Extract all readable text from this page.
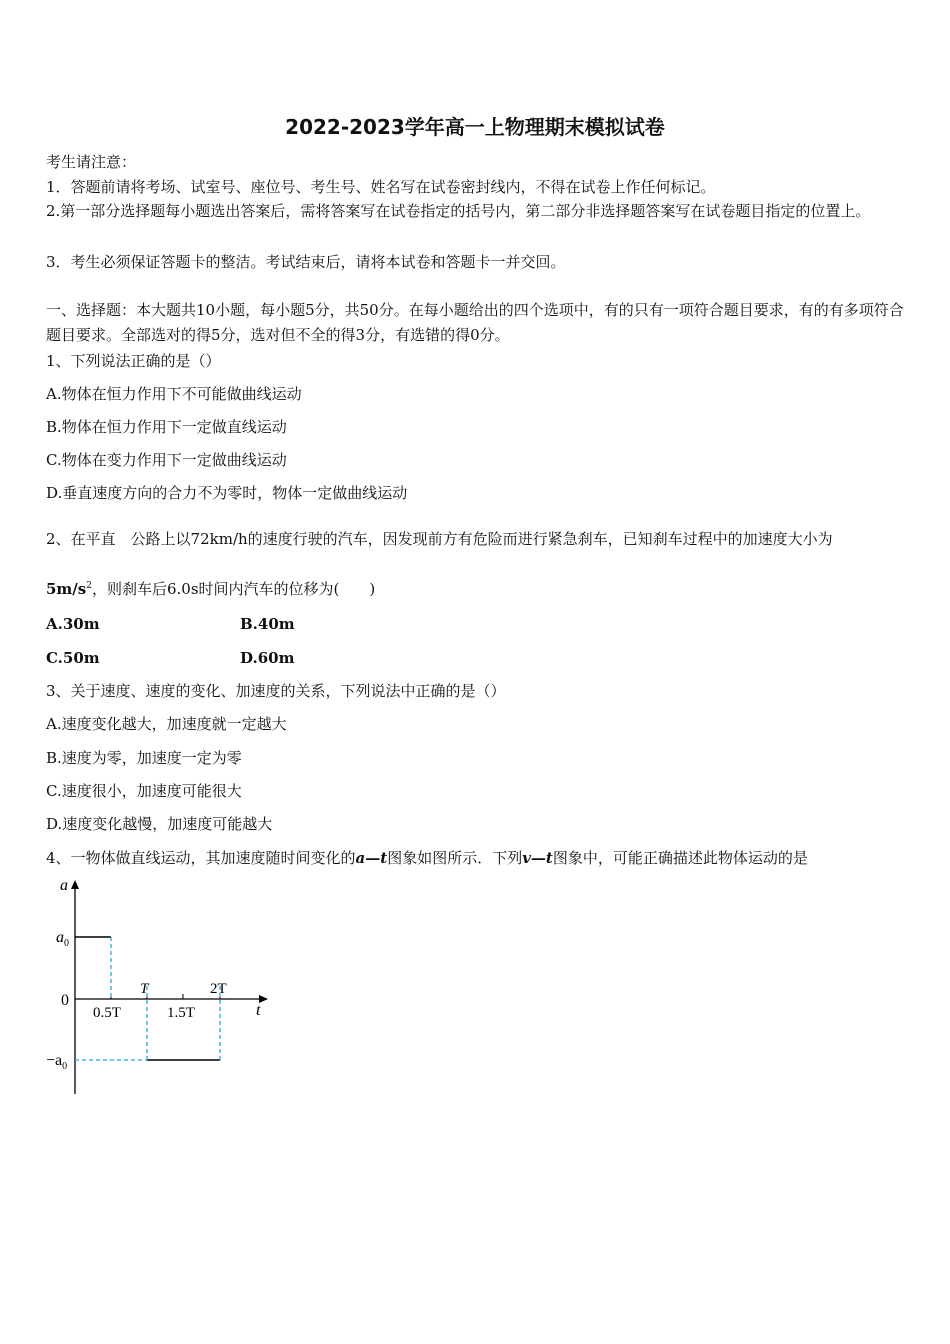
2022-2023学年高一上物理期末模拟试卷
考生请注意：
1．答题前请将考场、试室号、座位号、考生号、姓名写在试卷密封线内，不得在试卷上作任何标记。
2.第一部分选择题每小题选出答案后，需将答案写在试卷指定的括号内，第二部分非选择题答案写在试卷题目指定的位置上。
3．考生必须保证答题卡的整洁。考试结束后，请将本试卷和答题卡一并交回。
一、选择题：本大题共10小题，每小题5分，共50分。在每小题给出的四个选项中，有的只有一项符合题目要求，有的有多项符合题目要求。全部选对的得5分，选对但不全的得3分，有选错的得0分。
1、下列说法正确的是（）
A.物体在恒力作用下不可能做曲线运动
B.物体在恒力作用下一定做直线运动
C.物体在变力作用下一定做曲线运动
D.垂直速度方向的合力不为零时，物体一定做曲线运动
2、在平直　公路上以72km/h的速度行驶的汽车，因发现前方有危险而进行紧急刹车，已知刹车过程中的加速度大小为
$5m/s^2$，则刹车后6.0s时间内汽车的位移为(　　)
A.30m	B.40m
C.50m	D.60m
3、关于速度、速度的变化、加速度的关系，下列说法中正确的是（）
A.速度变化越大，加速度就一定越大
B.速度为零，加速度一定为零
C.速度很小，加速度可能很大
D.速度变化越慢，加速度可能越大
4、一物体做直线运动，其加速度随时间变化的a—t图象如图所示．下列v—t图象中，可能正确描述此物体运动的是
a
t
$a_0$
$-a_0$
0
0.5T
T
1.5T
2T
